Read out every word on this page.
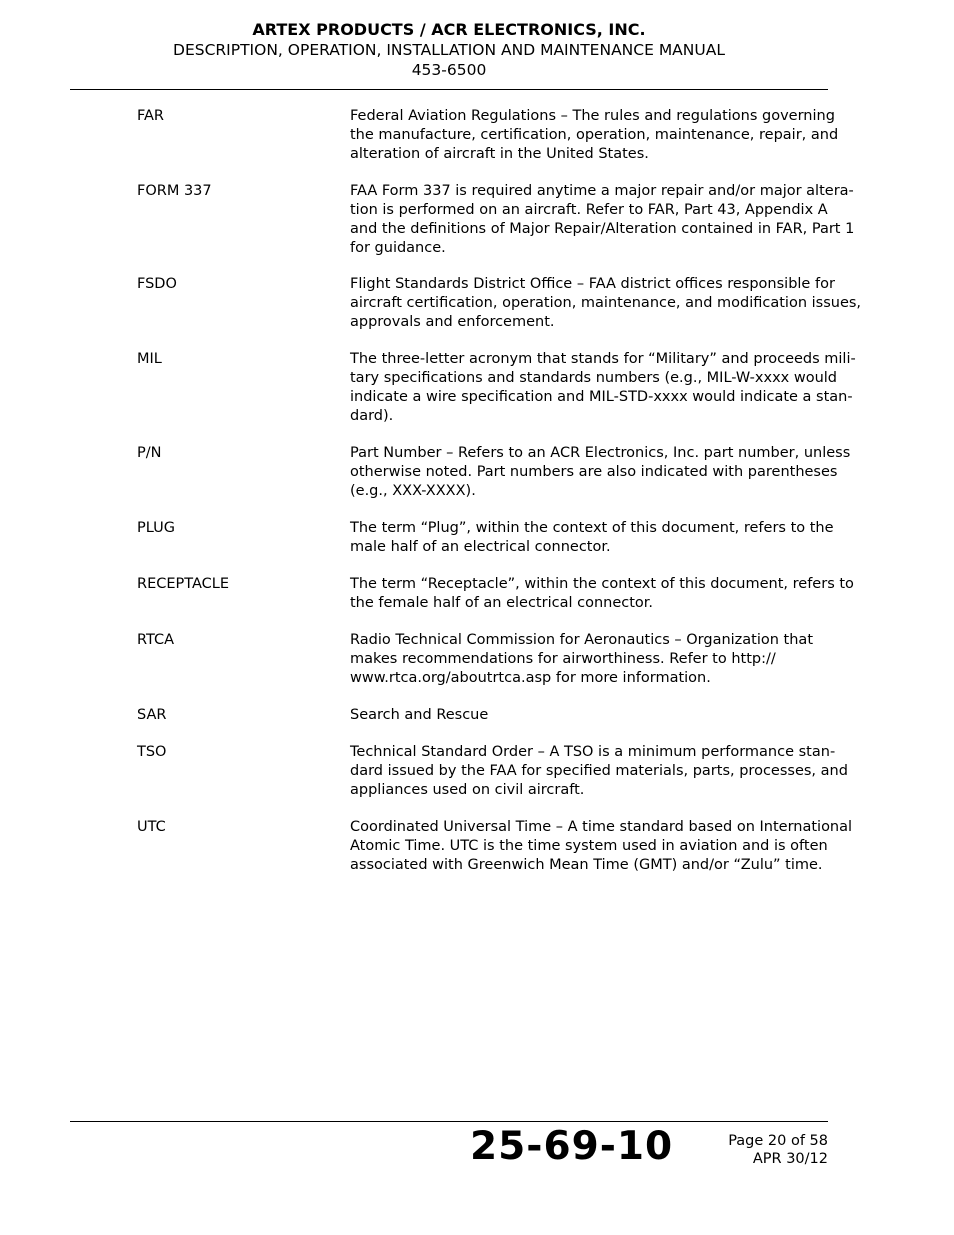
ARTEX PRODUCTS / ACR ELECTRONICS, INC.
DESCRIPTION, OPERATION, INSTALLATION AND MAINTENANCE MANUAL
453-6500
FAR	Federal Aviation Regulations – The rules and regulations governing
the manufacture, certification, operation, maintenance, repair, and
alteration of aircraft in the United States.
FORM 337	FAA Form 337 is required anytime a major repair and/or major altera-
tion is performed on an aircraft. Refer to FAR, Part 43, Appendix A
and the definitions of Major Repair/Alteration contained in FAR, Part 1
for guidance.
FSDO	Flight Standards District Office – FAA district offices responsible for
aircraft certification, operation, maintenance, and modification issues,
approvals and enforcement.
MIL	The three-letter acronym that stands for “Military” and proceeds mili-
tary specifications and standards numbers (e.g., MIL-W-xxxx would
indicate a wire specification and MIL-STD-xxxx would indicate a stan-
dard).
P/N	Part Number – Refers to an ACR Electronics, Inc. part number, unless
otherwise noted. Part numbers are also indicated with parentheses
(e.g., XXX-XXXX).
PLUG	The term “Plug”, within the context of this document, refers to the
male half of an electrical connector.
RECEPTACLE	The term “Receptacle”, within the context of this document, refers to
the female half of an electrical connector.
RTCA	Radio Technical Commission for Aeronautics – Organization that
makes recommendations for airworthiness. Refer to http://
www.rtca.org/aboutrtca.asp for more information.
SAR	Search and Rescue
TSO	Technical Standard Order – A TSO is a minimum performance stan-
dard issued by the FAA for specified materials, parts, processes, and
appliances used on civil aircraft.
UTC	Coordinated Universal Time – A time standard based on International
Atomic Time. UTC is the time system used in aviation and is often
associated with Greenwich Mean Time (GMT) and/or “Zulu” time.
25-69-10	Page 20 of 58
APR 30/12
